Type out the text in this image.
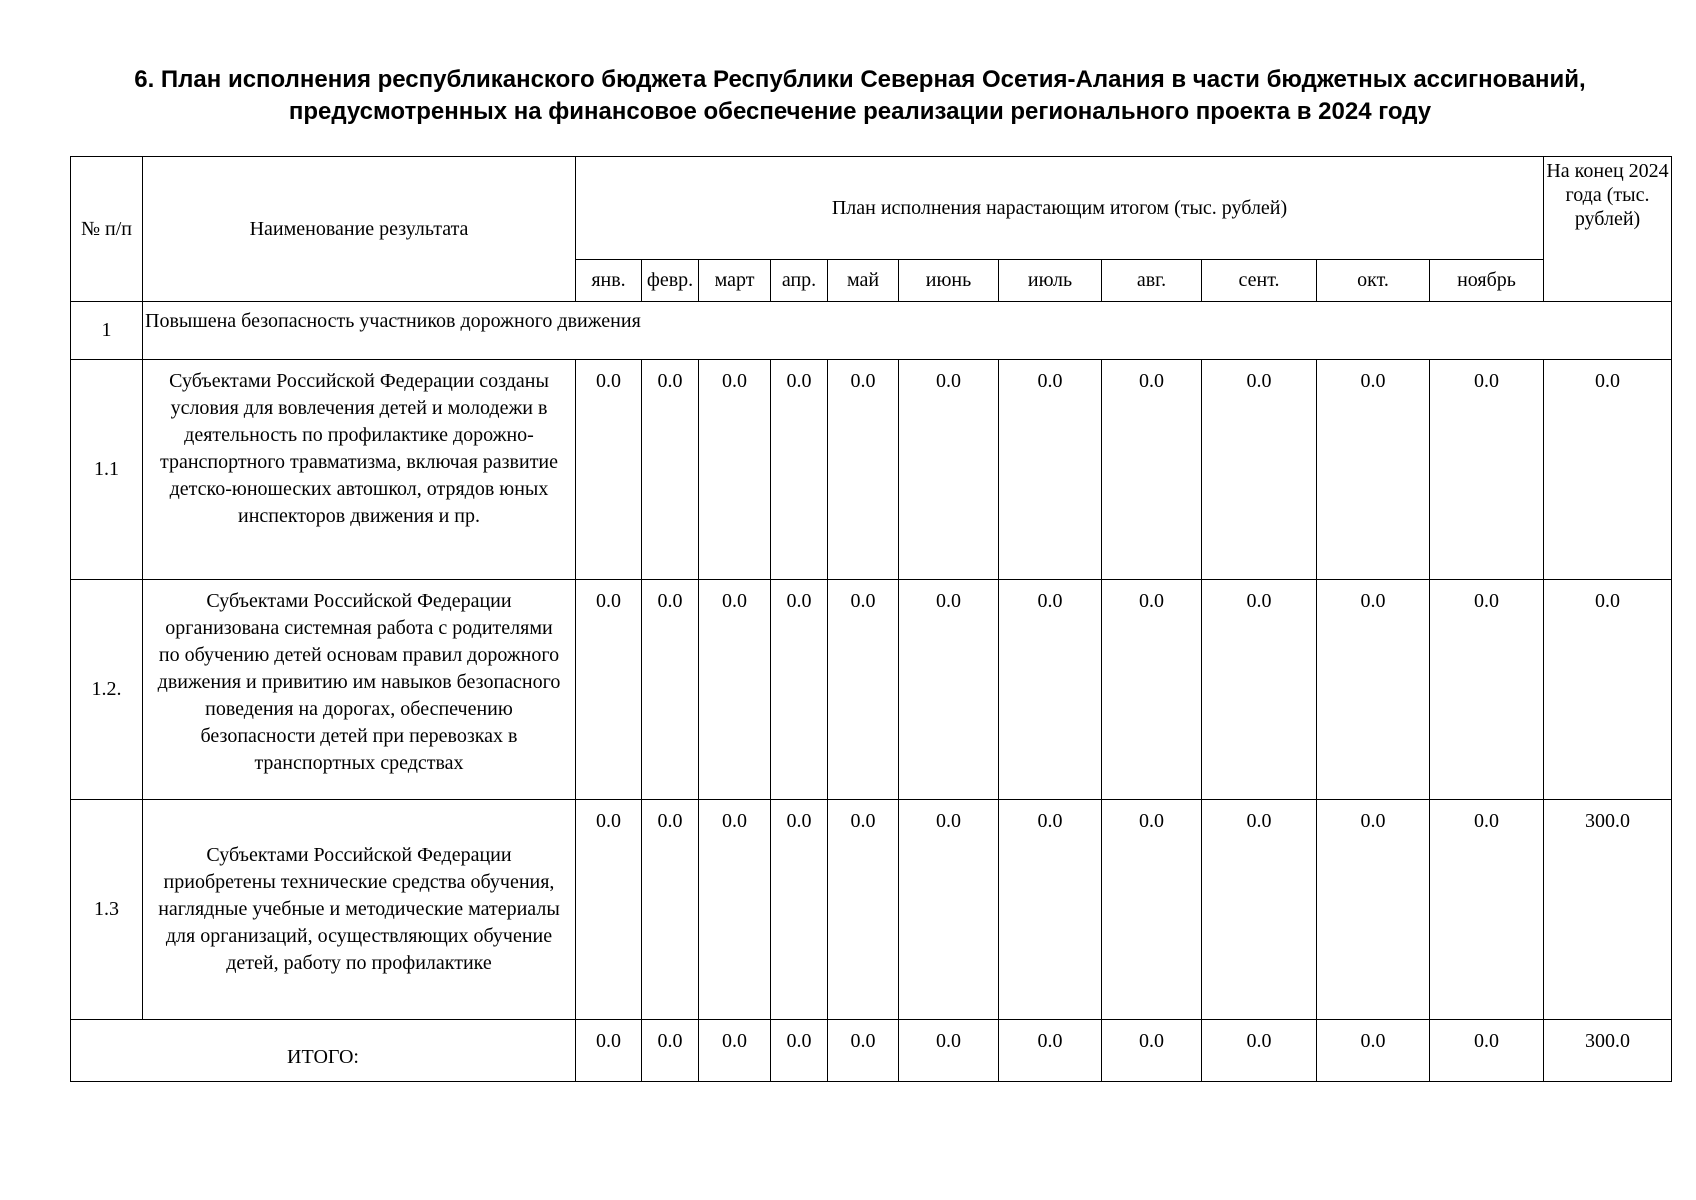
6. План исполнения республиканского бюджета Республики Северная Осетия-Алания в части бюджетных ассигнований,
предусмотренных на финансовое обеспечение реализации регионального проекта в 2024 году
№ п/п	Наименование результата	План исполнения нарастающим итогом (тыс. рублей)											На конец 2024 года (тыс. рублей)
		янв.	февр.	март	апр.	май	июнь	июль	авг.	сент.	окт.	ноябрь	
1	Повышена безопасность участников дорожного движения												
1.1	Субъектами Российской Федерации созданы условия для вовлечения детей и молодежи в деятельность по профилактике дорожно-транспортного травматизма, включая развитие детско-юношеских автошкол, отрядов юных инспекторов движения и пр.	0.0	0.0	0.0	0.0	0.0	0.0	0.0	0.0	0.0	0.0	0.0	0.0
1.2.	Субъектами Российской Федерации организована системная работа с родителями по обучению детей основам правил дорожного движения и привитию им навыков безопасного поведения на дорогах, обеспечению безопасности детей при перевозках в транспортных средствах	0.0	0.0	0.0	0.0	0.0	0.0	0.0	0.0	0.0	0.0	0.0	0.0
1.3	Субъектами Российской Федерации приобретены технические средства обучения, наглядные учебные и методические материалы для организаций, осуществляющих обучение детей, работу по профилактике	0.0	0.0	0.0	0.0	0.0	0.0	0.0	0.0	0.0	0.0	0.0	300.0
ИТОГО:		0.0	0.0	0.0	0.0	0.0	0.0	0.0	0.0	0.0	0.0	0.0	300.0
